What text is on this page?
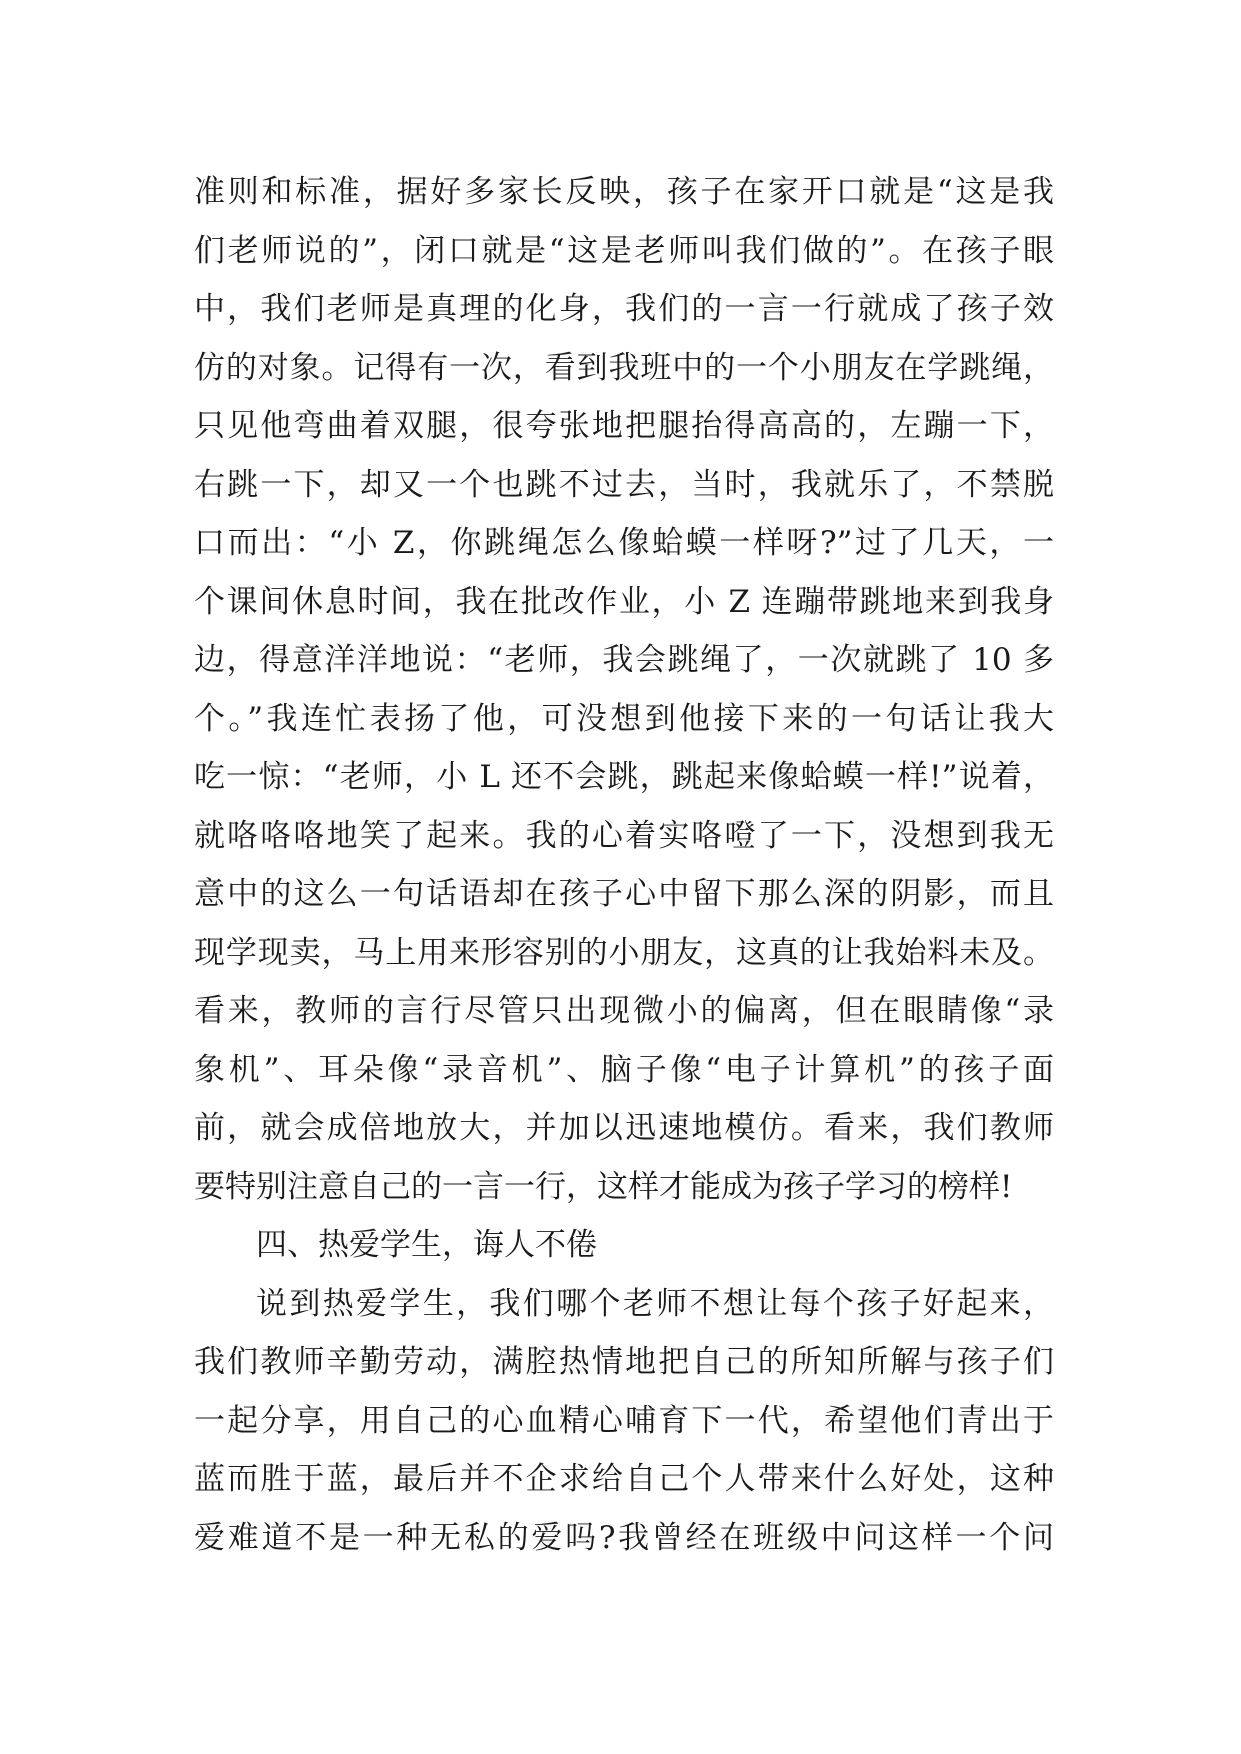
准则和标准，据好多家长反映，孩子在家开口就是“这是我
们老师说的”，闭口就是“这是老师叫我们做的”。在孩子眼
中，我们老师是真理的化身，我们的一言一行就成了孩子效
仿的对象。记得有一次，看到我班中的一个小朋友在学跳绳，
只见他弯曲着双腿，很夸张地把腿抬得高高的，左蹦一下，
右跳一下，却又一个也跳不过去，当时，我就乐了，不禁脱
口而出：“小 Z，你跳绳怎么像蛤蟆一样呀?”过了几天，一
个课间休息时间，我在批改作业，小 Z 连蹦带跳地来到我身
边，得意洋洋地说：“老师，我会跳绳了，一次就跳了 10 多
个。”我连忙表扬了他，可没想到他接下来的一句话让我大
吃一惊：“老师，小 L 还不会跳，跳起来像蛤蟆一样!”说着，
就咯咯咯地笑了起来。我的心着实咯噔了一下，没想到我无
意中的这么一句话语却在孩子心中留下那么深的阴影，而且
现学现卖，马上用来形容别的小朋友，这真的让我始料未及。
看来，教师的言行尽管只出现微小的偏离，但在眼睛像“录
象机”、耳朵像“录音机”、脑子像“电子计算机”的孩子面
前，就会成倍地放大，并加以迅速地模仿。看来，我们教师
要特别注意自己的一言一行，这样才能成为孩子学习的榜样!
四、热爱学生，诲人不倦
说到热爱学生，我们哪个老师不想让每个孩子好起来，
我们教师辛勤劳动，满腔热情地把自己的所知所解与孩子们
一起分享，用自己的心血精心哺育下一代，希望他们青出于
蓝而胜于蓝，最后并不企求给自己个人带来什么好处，这种
爱难道不是一种无私的爱吗?我曾经在班级中问这样一个问
